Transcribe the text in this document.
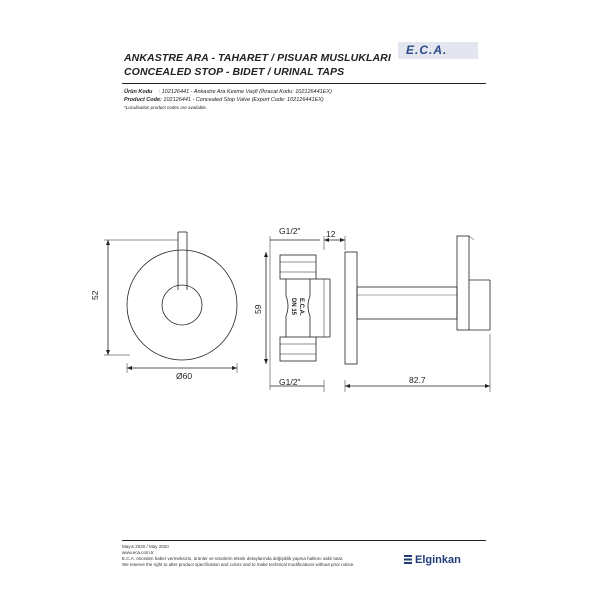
ANKASTRE ARA - TAHARET / PISUAR MUSLUKLARI
CONCEALED STOP - BIDET / URINAL TAPS
E.C.A.
Ürün Kodu : 102126441 - Ankastre Ara Kesme Vaşfi (İhracat Kodu: 102126441EX)
Product Code: 102126441 - Concealed Stop Valve (Export Code: 102126441EX)
*Localisation product codes are available.
52
Ø60
G1/2"	12
59
G1/2"	82.7
E.C.A.
DN 15
Mayıs 2020 / May 2020
www.eca.com.tr
E.C.A. önceden haber vermeksizin, ürünler ve ürünlerin teknik detaylarında değişiklik yapma hakkını saklı tutar.
We reserve the right to alter product specification and colors and to make technical modifications without prior notice.	Elginkan
